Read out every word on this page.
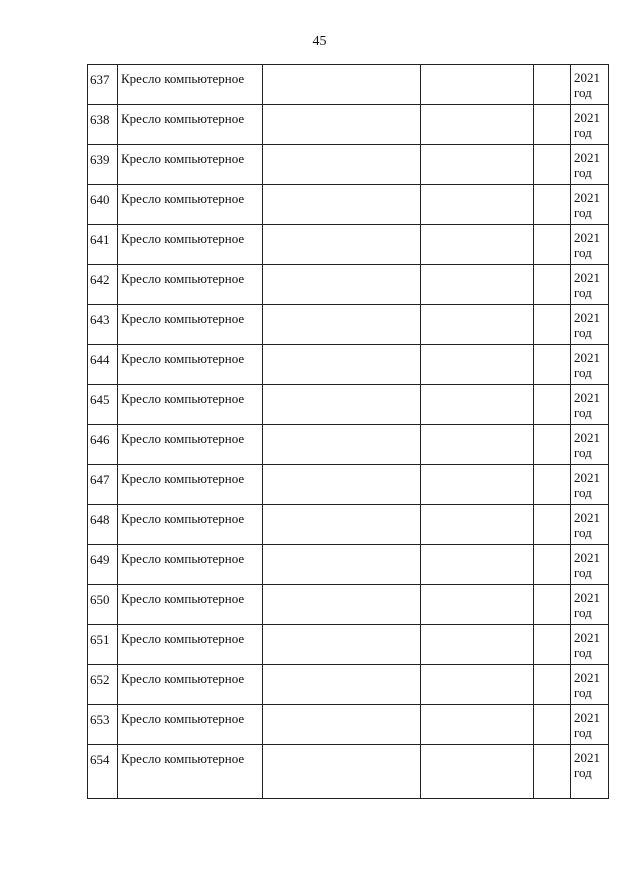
45
637	Кресло компьютерное				2021
год

638	Кресло компьютерное				2021
год

639	Кресло компьютерное				2021
год

640	Кресло компьютерное				2021
год

641	Кресло компьютерное				2021
год

642	Кресло компьютерное				2021
год

643	Кресло компьютерное				2021
год

644	Кресло компьютерное				2021
год

645	Кресло компьютерное				2021
год

646	Кресло компьютерное				2021
год

647	Кресло компьютерное				2021
год

648	Кресло компьютерное				2021
год

649	Кресло компьютерное				2021
год

650	Кресло компьютерное				2021
год

651	Кресло компьютерное				2021
год

652	Кресло компьютерное				2021
год

653	Кресло компьютерное				2021
год

654	Кресло компьютерное				2021
год
